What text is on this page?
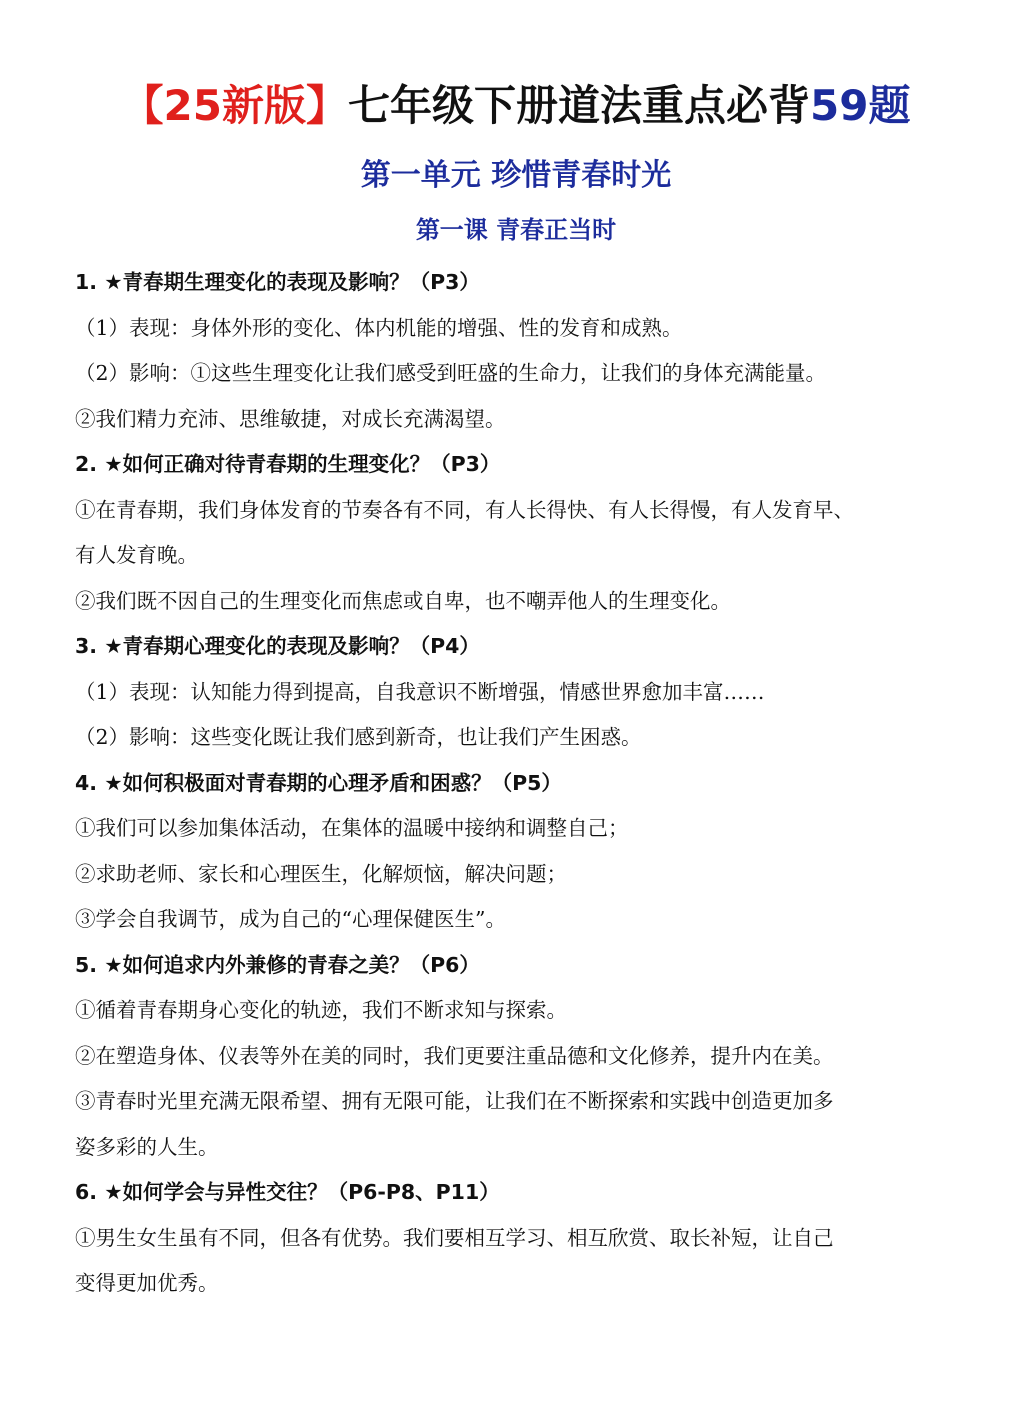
【25新版】七年级下册道法重点必背59题
第一单元 珍惜青春时光
第一课 青春正当时
1. ★青春期生理变化的表现及影响？（P3）
（1）表现：身体外形的变化、体内机能的增强、性的发育和成熟。
（2）影响：①这些生理变化让我们感受到旺盛的生命力，让我们的身体充满能量。
②我们精力充沛、思维敏捷，对成长充满渴望。
2. ★如何正确对待青春期的生理变化？（P3）
①在青春期，我们身体发育的节奏各有不同，有人长得快、有人长得慢，有人发育早、
有人发育晚。
②我们既不因自己的生理变化而焦虑或自卑，也不嘲弄他人的生理变化。
3. ★青春期心理变化的表现及影响？（P4）
（1）表现：认知能力得到提高，自我意识不断增强，情感世界愈加丰富……
（2）影响：这些变化既让我们感到新奇，也让我们产生困惑。
4. ★如何积极面对青春期的心理矛盾和困惑？（P5）
①我们可以参加集体活动，在集体的温暖中接纳和调整自己；
②求助老师、家长和心理医生，化解烦恼，解决问题；
③学会自我调节，成为自己的“心理保健医生”。
5. ★如何追求内外兼修的青春之美？（P6）
①循着青春期身心变化的轨迹，我们不断求知与探索。
②在塑造身体、仪表等外在美的同时，我们更要注重品德和文化修养，提升内在美。
③青春时光里充满无限希望、拥有无限可能，让我们在不断探索和实践中创造更加多
姿多彩的人生。
6. ★如何学会与异性交往？（P6-P8、P11）
①男生女生虽有不同，但各有优势。我们要相互学习、相互欣赏、取长补短，让自己
变得更加优秀。
